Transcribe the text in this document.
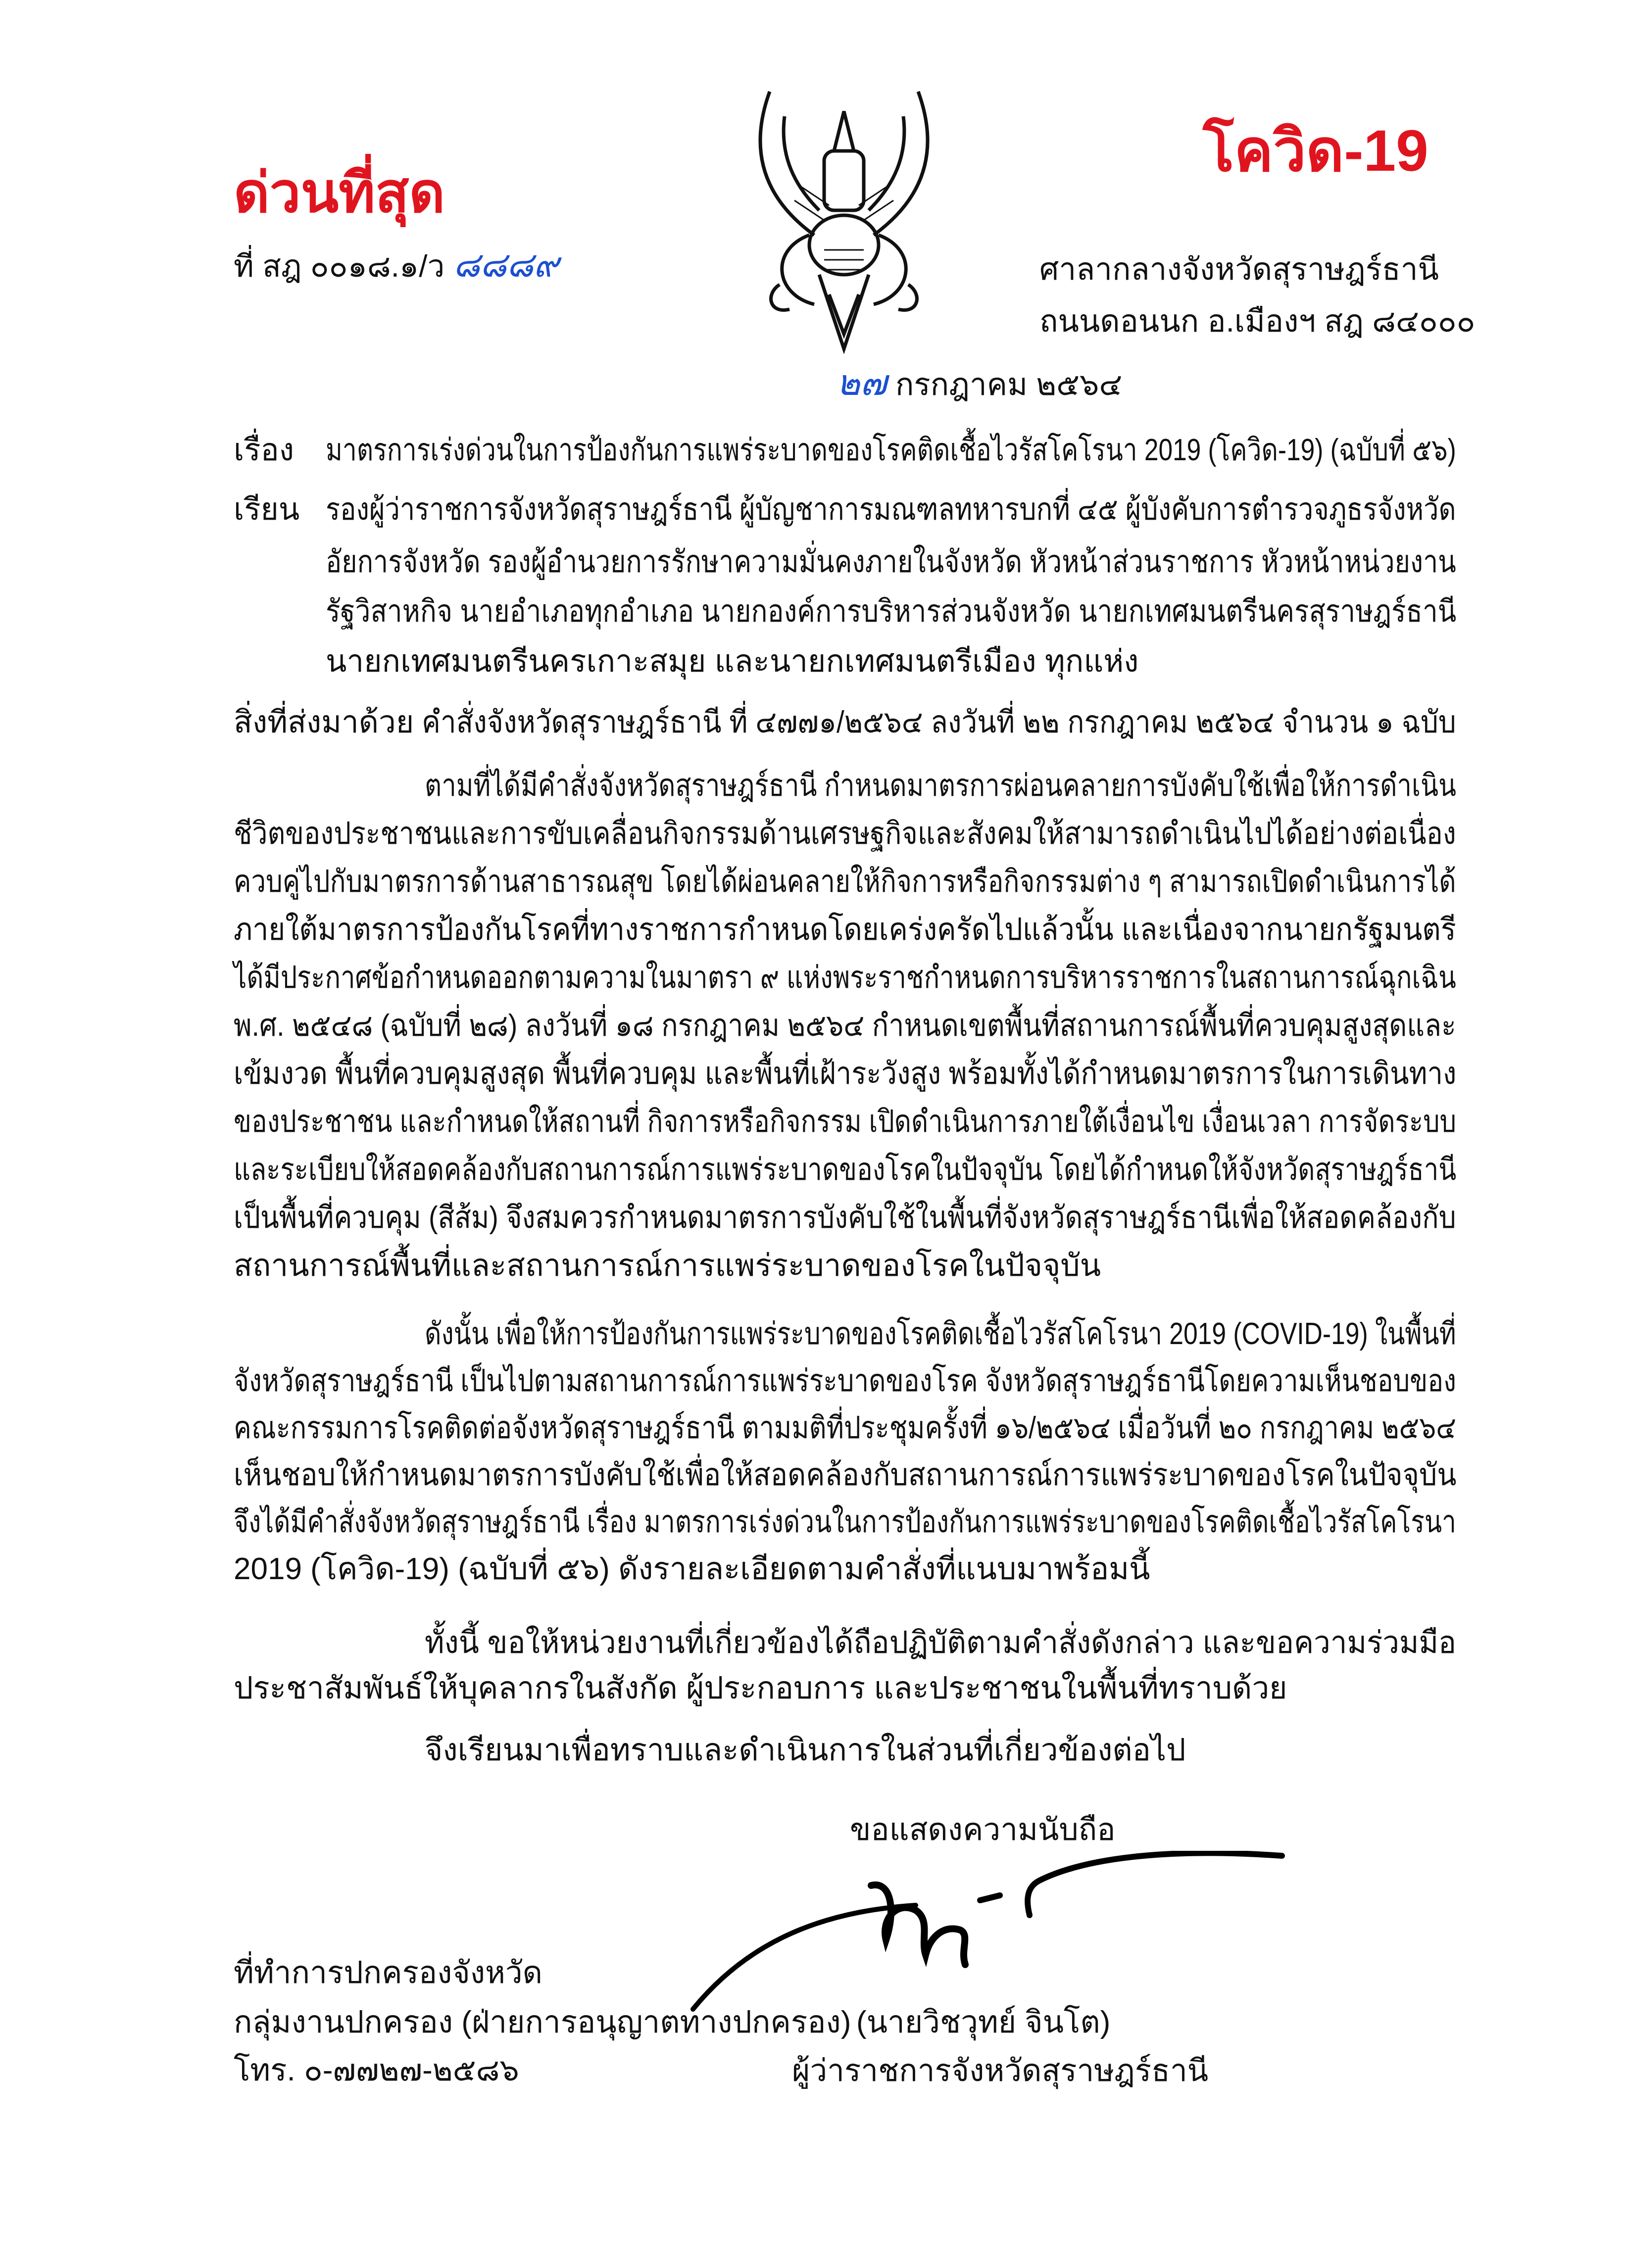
ด่วนที่สุด
โควิด-19
ที่ สฎ ๐๐๑๘.๑/ว ๘๘๘๙	ศาลากลางจังหวัดสุราษฎร์ธานี
ถนนดอนนก อ.เมืองฯ สฎ ๘๔๐๐๐
๒๗ กรกฎาคม ๒๕๖๔
เรื่อง มาตรการเร่งด่วนในการป้องกันการแพร่ระบาดของโรคติดเชื้อไวรัสโคโรนา 2019 (โควิด-19) (ฉบับที่ ๕๖)
เรียน รองผู้ว่าราชการจังหวัดสุราษฎร์ธานี ผู้บัญชาการมณฑลทหารบกที่ ๔๕ ผู้บังคับการตำรวจภูธรจังหวัด
อัยการจังหวัด รองผู้อำนวยการรักษาความมั่นคงภายในจังหวัด หัวหน้าส่วนราชการ หัวหน้าหน่วยงาน
รัฐวิสาหกิจ นายอำเภอทุกอำเภอ นายกองค์การบริหารส่วนจังหวัด นายกเทศมนตรีนครสุราษฎร์ธานี
นายกเทศมนตรีนครเกาะสมุย และนายกเทศมนตรีเมือง ทุกแห่ง
สิ่งที่ส่งมาด้วย คำสั่งจังหวัดสุราษฎร์ธานี ที่ ๔๗๗๑/๒๕๖๔ ลงวันที่ ๒๒ กรกฎาคม ๒๕๖๔ จำนวน ๑ ฉบับ
ตามที่ได้มีคำสั่งจังหวัดสุราษฎร์ธานี กำหนดมาตรการผ่อนคลายการบังคับใช้เพื่อให้การดำเนิน
ชีวิตของประชาชนและการขับเคลื่อนกิจกรรมด้านเศรษฐกิจและสังคมให้สามารถดำเนินไปได้อย่างต่อเนื่อง
ควบคู่ไปกับมาตรการด้านสาธารณสุข โดยได้ผ่อนคลายให้กิจการหรือกิจกรรมต่าง ๆ สามารถเปิดดำเนินการได้
ภายใต้มาตรการป้องกันโรคที่ทางราชการกำหนดโดยเคร่งครัดไปแล้วนั้น และเนื่องจากนายกรัฐมนตรี
ได้มีประกาศข้อกำหนดออกตามความในมาตรา ๙ แห่งพระราชกำหนดการบริหารราชการในสถานการณ์ฉุกเฉิน
พ.ศ. ๒๕๔๘ (ฉบับที่ ๒๘) ลงวันที่ ๑๘ กรกฎาคม ๒๕๖๔ กำหนดเขตพื้นที่สถานการณ์พื้นที่ควบคุมสูงสุดและ
เข้มงวด พื้นที่ควบคุมสูงสุด พื้นที่ควบคุม และพื้นที่เฝ้าระวังสูง พร้อมทั้งได้กำหนดมาตรการในการเดินทาง
ของประชาชน และกำหนดให้สถานที่ กิจการหรือกิจกรรม เปิดดำเนินการภายใต้เงื่อนไข เงื่อนเวลา การจัดระบบ
และระเบียบให้สอดคล้องกับสถานการณ์การแพร่ระบาดของโรคในปัจจุบัน โดยได้กำหนดให้จังหวัดสุราษฎร์ธานี
เป็นพื้นที่ควบคุม (สีส้ม) จึงสมควรกำหนดมาตรการบังคับใช้ในพื้นที่จังหวัดสุราษฎร์ธานีเพื่อให้สอดคล้องกับ
สถานการณ์พื้นที่และสถานการณ์การแพร่ระบาดของโรคในปัจจุบัน
ดังนั้น เพื่อให้การป้องกันการแพร่ระบาดของโรคติดเชื้อไวรัสโคโรนา 2019 (COVID-19) ในพื้นที่
จังหวัดสุราษฎร์ธานี เป็นไปตามสถานการณ์การแพร่ระบาดของโรค จังหวัดสุราษฎร์ธานีโดยความเห็นชอบของ
คณะกรรมการโรคติดต่อจังหวัดสุราษฎร์ธานี ตามมติที่ประชุมครั้งที่ ๑๖/๒๕๖๔ เมื่อวันที่ ๒๐ กรกฎาคม ๒๕๖๔
เห็นชอบให้กำหนดมาตรการบังคับใช้เพื่อให้สอดคล้องกับสถานการณ์การแพร่ระบาดของโรคในปัจจุบัน
จึงได้มีคำสั่งจังหวัดสุราษฎร์ธานี เรื่อง มาตรการเร่งด่วนในการป้องกันการแพร่ระบาดของโรคติดเชื้อไวรัสโคโรนา
2019 (โควิด-19) (ฉบับที่ ๕๖) ดังรายละเอียดตามคำสั่งที่แนบมาพร้อมนี้
ทั้งนี้ ขอให้หน่วยงานที่เกี่ยวข้องได้ถือปฏิบัติตามคำสั่งดังกล่าว และขอความร่วมมือ
ประชาสัมพันธ์ให้บุคลากรในสังกัด ผู้ประกอบการ และประชาชนในพื้นที่ทราบด้วย
จึงเรียนมาเพื่อทราบและดำเนินการในส่วนที่เกี่ยวข้องต่อไป
ขอแสดงความนับถือ
(นายวิชวุทย์ จินโต)
ผู้ว่าราชการจังหวัดสุราษฎร์ธานี
ที่ทำการปกครองจังหวัด
กลุ่มงานปกครอง (ฝ่ายการอนุญาตทางปกครอง)
โทร. ๐-๗๗๒๗-๒๕๘๖
